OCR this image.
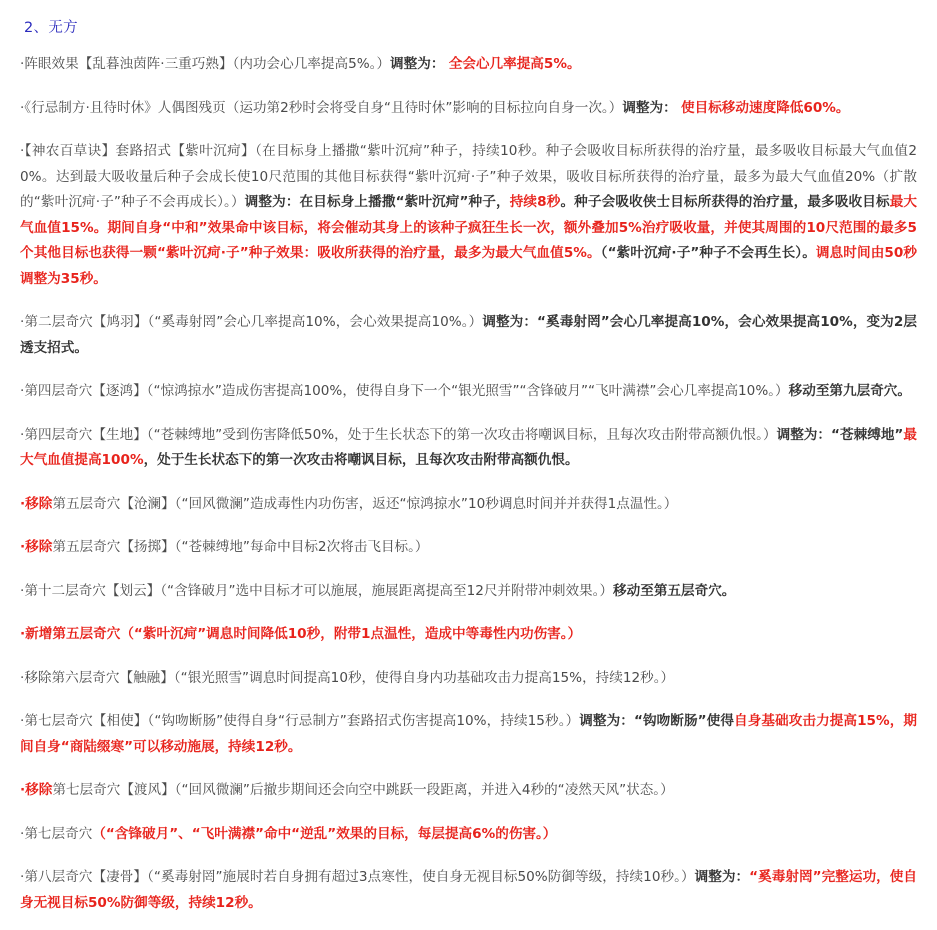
2、无方

·阵眼效果【乱暮浊茵阵·三重巧熟】（内功会心几率提高5%。）调整为： 全会心几率提高5%。

·《行忌制方·且待时休》人偶图残页（运功第2秒时会将受自身“且待时休”影响的目标拉向自身一次。）调整为： 使目标移动速度降低60%。

·【神农百草诀】套路招式【紫叶沉疴】（在目标身上播撒“紫叶沉疴”种子，持续10秒。种子会吸收目标所获得的治疗量，最多吸收目标最大气血值20%。达到最大吸收量后种子会成长使10尺范围的其他目标获得“紫叶沉疴·子”种子效果，吸收目标所获得的治疗量，最多为最大气血值20%（扩散的“紫叶沉疴·子”种子不会再成长）。）调整为：在目标身上播撒“紫叶沉疴”种子，持续8秒。种子会吸收侠士目标所获得的治疗量，最多吸收目标最大气血值15%。期间自身“中和”效果命中该目标，将会催动其身上的该种子疯狂生长一次，额外叠加5%治疗吸收量，并使其周围的10尺范围的最多5个其他目标也获得一颗“紫叶沉疴·子”种子效果：吸收所获得的治疗量，最多为最大气血值5%。（“紫叶沉疴·子”种子不会再生长）。调息时间由50秒调整为35秒。

·第二层奇穴【鸠羽】（“奚毒射罔”会心几率提高10%，会心效果提高10%。）调整为：“奚毒射罔”会心几率提高10%，会心效果提高10%，变为2层透支招式。

·第四层奇穴【逐鸿】（“惊鸿掠水”造成伤害提高100%，使得自身下一个“银光照雪”“含锋破月”“飞叶满襟”会心几率提高10%。）移动至第九层奇穴。

·第四层奇穴【生地】（“苍棘缚地”受到伤害降低50%，处于生长状态下的第一次攻击将嘲讽目标，且每次攻击附带高额仇恨。）调整为：“苍棘缚地”最大气血值提高100%，处于生长状态下的第一次攻击将嘲讽目标，且每次攻击附带高额仇恨。

·移除第五层奇穴【沧澜】（“回风微澜”造成毒性内功伤害，返还“惊鸿掠水”10秒调息时间并并获得1点温性。）

·移除第五层奇穴【扬掷】（“苍棘缚地”每命中目标2次将击飞目标。）

·第十二层奇穴【划云】（“含锋破月”选中目标才可以施展，施展距离提高至12尺并附带冲刺效果。）移动至第五层奇穴。

·新增第五层奇穴（“紫叶沉疴”调息时间降低10秒，附带1点温性，造成中等毒性内功伤害。）

·移除第六层奇穴【触融】（“银光照雪”调息时间提高10秒，使得自身内功基础攻击力提高15%，持续12秒。）

·第七层奇穴【相使】（“钩吻断肠”使得自身“行忌制方”套路招式伤害提高10%，持续15秒。）调整为：“钩吻断肠”使得自身基础攻击力提高15%，期间自身“商陆缀寒”可以移动施展，持续12秒。

·移除第七层奇穴【渡风】（“回风微澜”后撤步期间还会向空中跳跃一段距离，并进入4秒的“凌然天风”状态。）

·第七层奇穴（“含锋破月”、“飞叶满襟”命中“逆乱”效果的目标，每层提高6%的伤害。）

·第八层奇穴【凄骨】（“奚毒射罔”施展时若自身拥有超过3点寒性，使自身无视目标50%防御等级，持续10秒。）调整为：“奚毒射罔”完整运功，使自身无视目标50%防御等级，持续12秒。
